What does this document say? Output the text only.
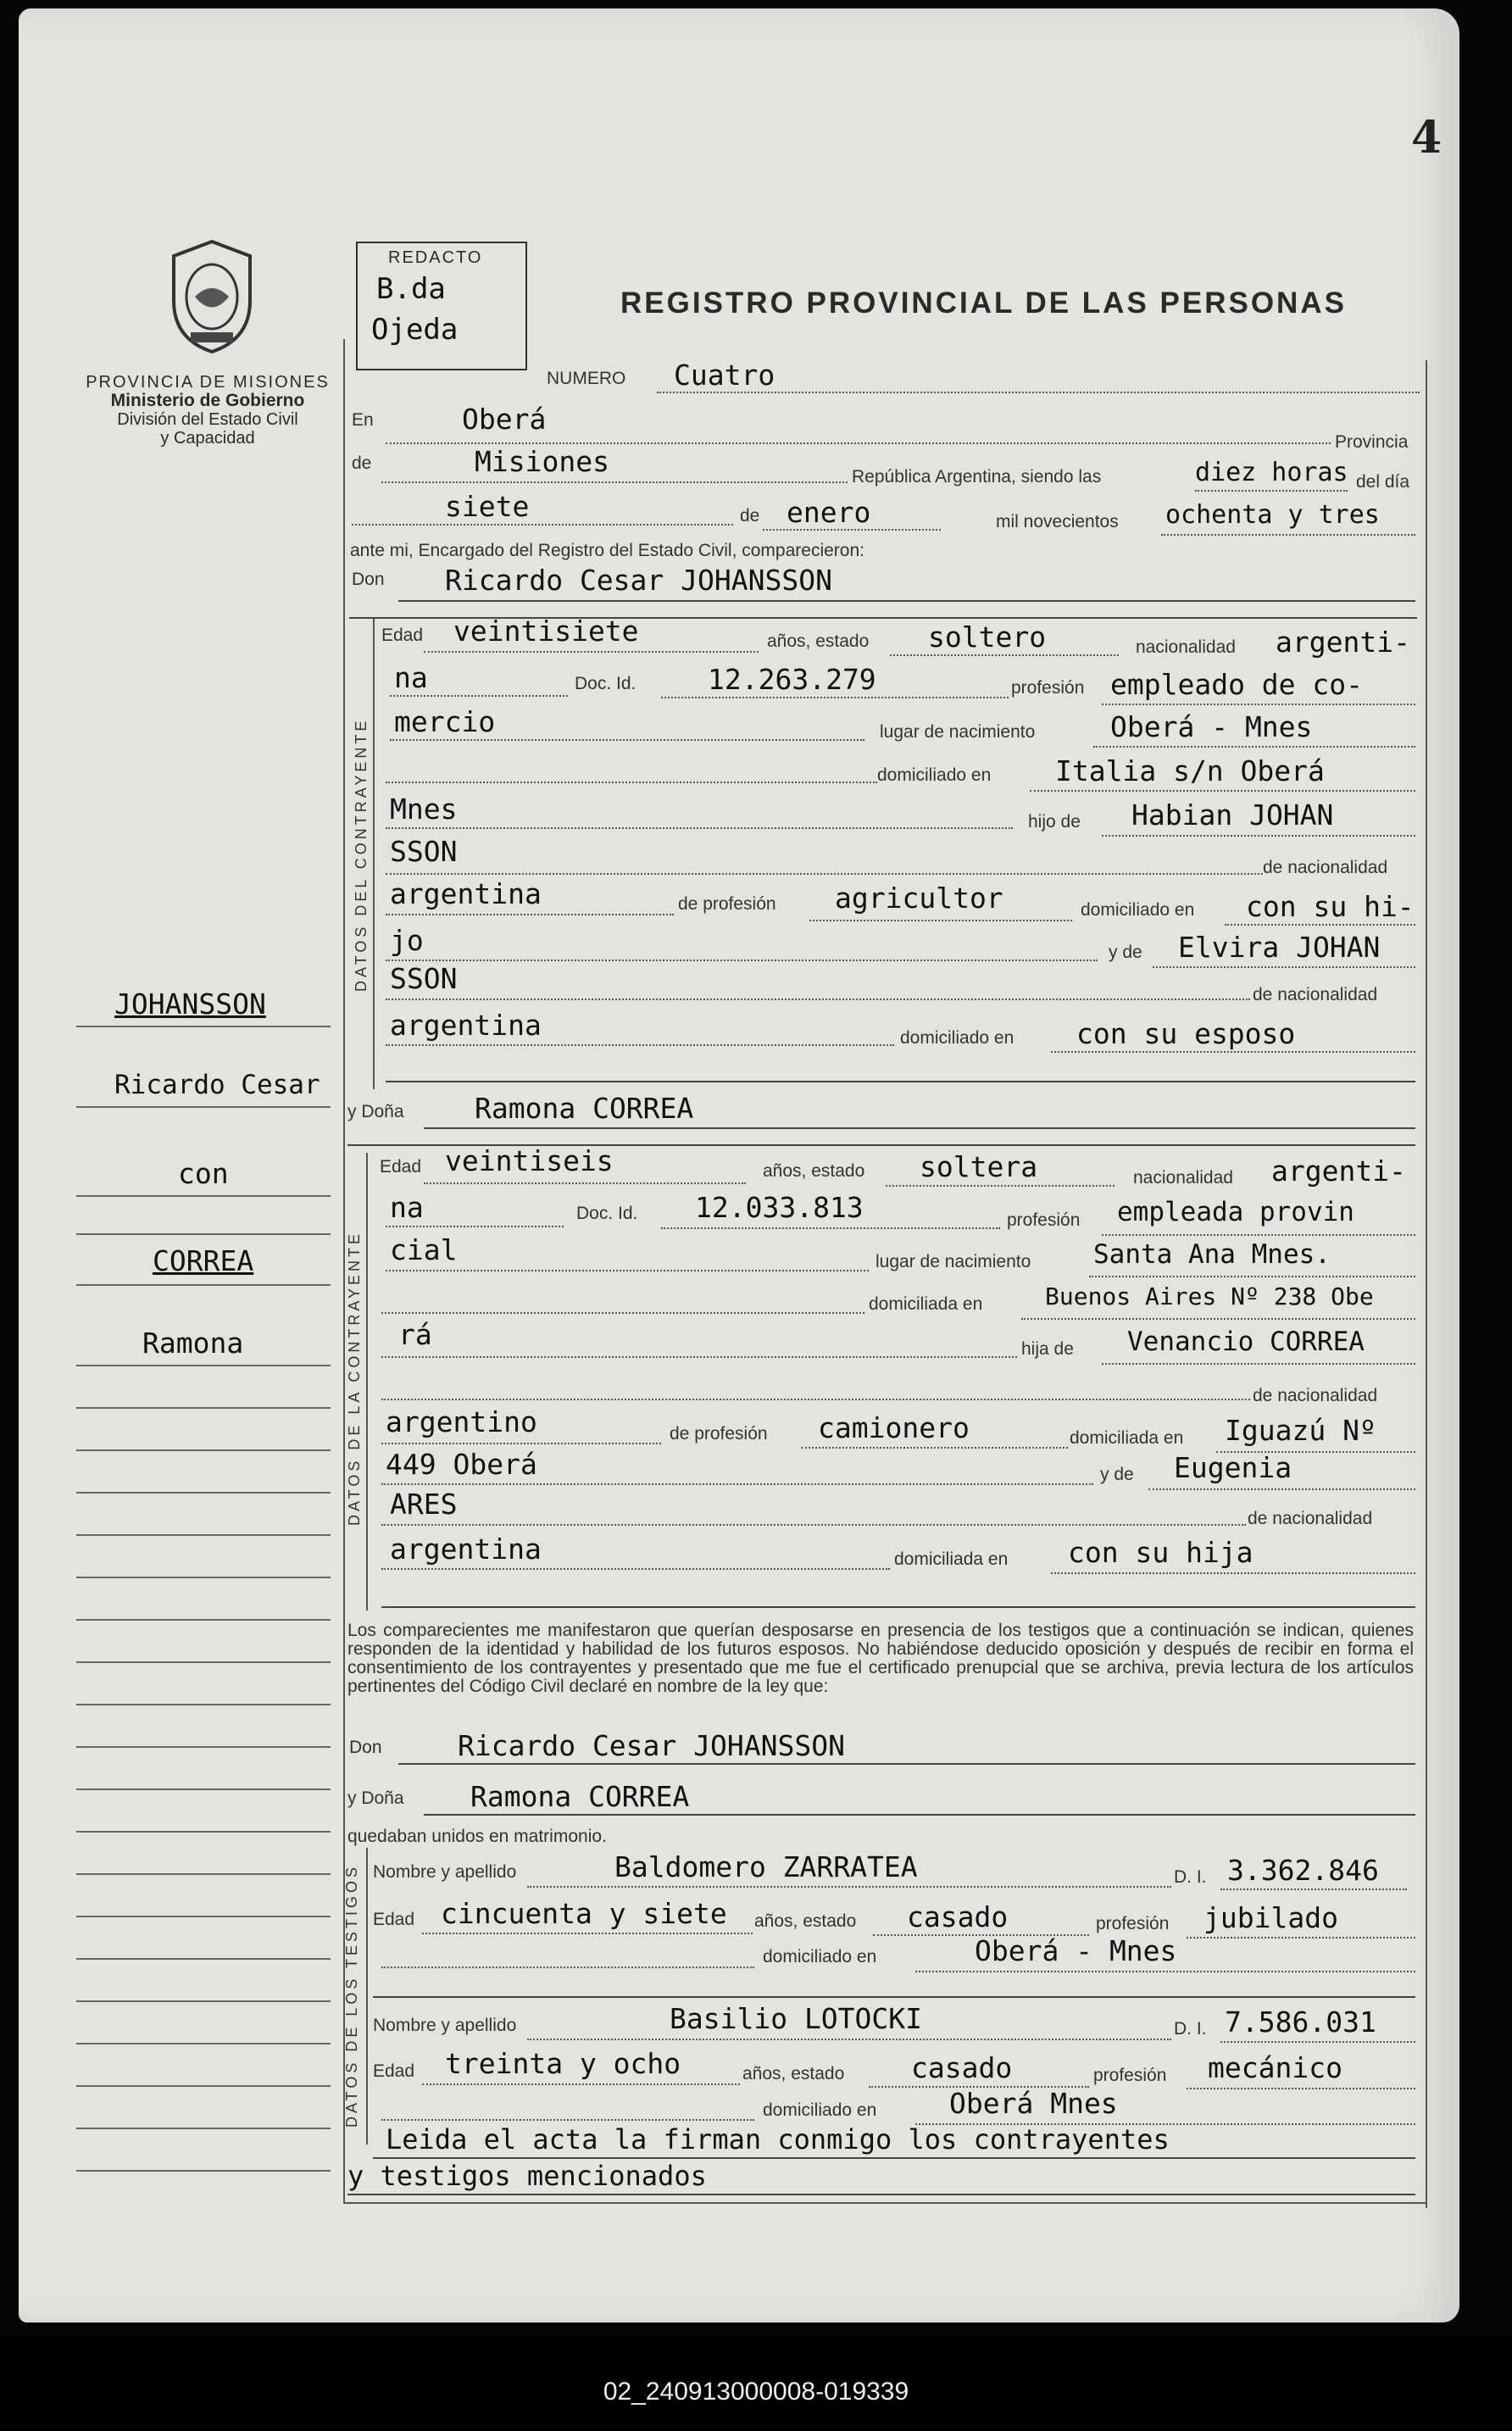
4
PROVINCIA DE MISIONES
Ministerio de Gobierno
División del Estado Civil
y Capacidad
REDACTO
B.da
Ojeda
REGISTRO PROVINCIAL DE LAS PERSONAS
NUMERO Cuatro
En	Oberá
Provincia
de	Misiones	República Argentina, siendo las	diez horas del día
siete	de enero	mil novecientos ochenta y tres
ante mi, Encargado del Registro del Estado Civil, comparecieron:
Don Ricardo Cesar JOHANSSON
DATOS DEL CONTRAYENTE
Edad veintisiete	años, estado soltero	nacionalidad argenti-
na	Doc. Id.	12.263.279	profesión empleado de co-
mercio	lugar de nacimiento	Oberá - Mnes
domiciliado en Italia s/n Oberá
Mnes	hijo de Habian JOHAN
SSON	de nacionalidad
argentina	de profesión agricultor	domiciliado en con su hi-
jo	y de Elvira JOHAN
SSON	de nacionalidad
argentina	domiciliado en con su esposo
y Doña	Ramona CORREA
DATOS DE LA CONTRAYENTE
Edad veintiseis	años, estado soltera	nacionalidad argenti-
na	Doc. Id. 12.033.813	profesión empleada provin
cial	lugar de nacimiento Santa Ana Mnes.
domiciliada en	Buenos Aires Nº 238 Obe
rá	hija de Venancio CORREA
de nacionalidad
argentino	de profesión camionero	domiciliada en Iguazú Nº
449 Oberá	y de Eugenia
ARES	de nacionalidad
argentina	domiciliada en con su hija
Los comparecientes me manifestaron que querían desposarse en presencia de los testigos que a continuación se indican, quienes responden de la identidad y habilidad de los futuros esposos. No habiéndose deducido oposición y después de recibir en forma el consentimiento de los contrayentes y presentado que me fue el certificado prenupcial que se archiva, previa lectura de los artículos pertinentes del Código Civil declaré en nombre de la ley que:
Don	Ricardo Cesar JOHANSSON
y Doña Ramona CORREA
quedaban unidos en matrimonio.
DATOS DE LOS TESTIGOS Nombre y apellido	Baldomero ZARRATEA	D. I. 3.362.846
Edad cincuenta y siete años, estado casado	profesión jubilado
domiciliado en	Oberá - Mnes
Nombre y apellido	Basilio LOTOCKI	D. I. 7.586.031
Edad treinta y ocho	años, estado casado	profesión mecánico
domiciliado en	Oberá Mnes
Leida el acta la firman conmigo los contrayentes
y testigos mencionados
JOHANSSON
Ricardo Cesar
con
CORREA
Ramona
02_240913000008-019339
